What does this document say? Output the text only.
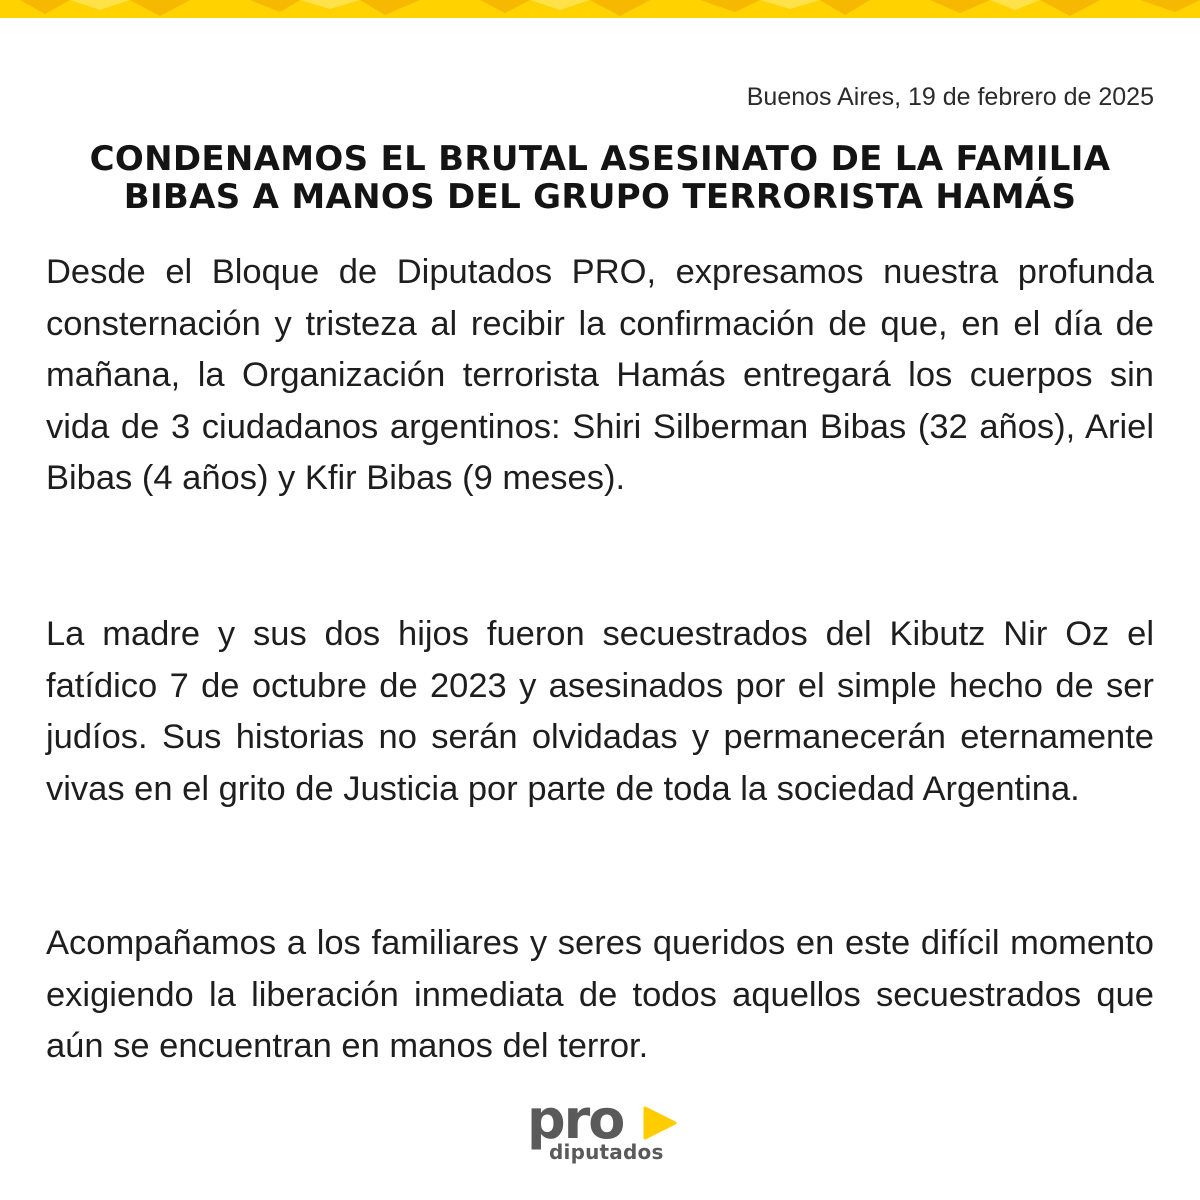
Buenos Aires, 19 de febrero de 2025
CONDENAMOS EL BRUTAL ASESINATO DE LA FAMILIA
BIBAS A MANOS DEL GRUPO TERRORISTA HAMÁS

Desde el Bloque de Diputados PRO, expresamos nuestra profunda consternación y tristeza al recibir la confirmación de que, en el día de mañana, la Organización terrorista Hamás entregará los cuerpos sin vida de 3 ciudadanos argentinos: Shiri Silberman Bibas (32 años), Ariel Bibas (4 años) y Kfir Bibas (9 meses).

La madre y sus dos hijos fueron secuestrados del Kibutz Nir Oz el fatídico 7 de octubre de 2023 y asesinados por el simple hecho de ser judíos. Sus historias no serán olvidadas y permanecerán eternamente vivas en el grito de Justicia por parte de toda la sociedad Argentina.

Acompañamos a los familiares y seres queridos en este difícil momento exigiendo la liberación inmediata de todos aquellos secuestrados que aún se encuentran en manos del terror.

pro
diputados
